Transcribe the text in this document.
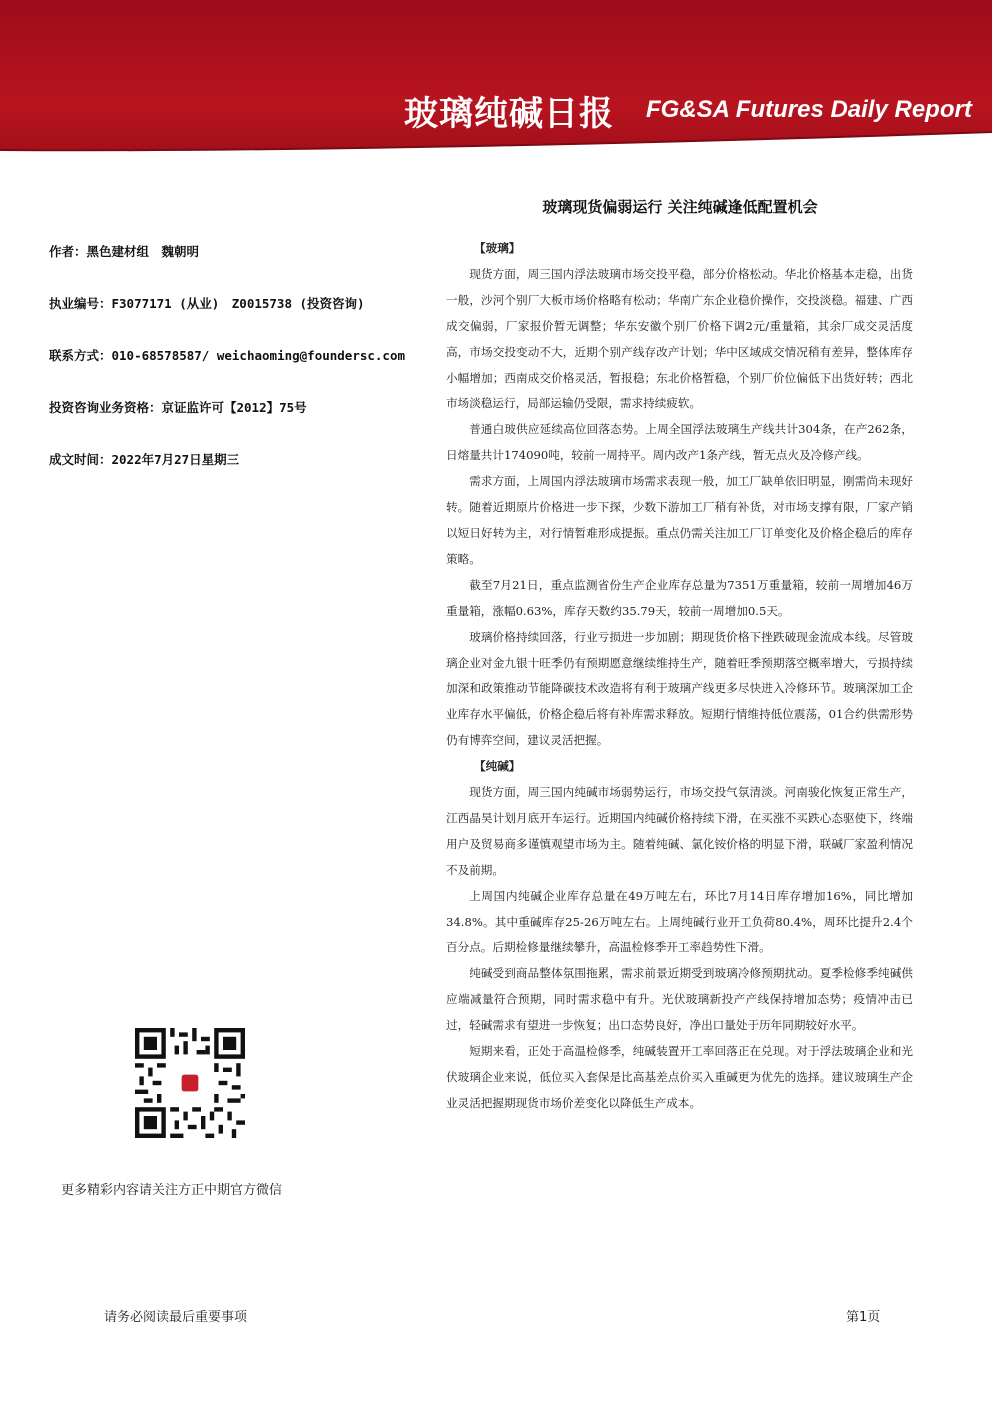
玻璃纯碱日报 FG&SA Futures Daily Report
玻璃现货偏弱运行 关注纯碱逢低配置机会
作者：黑色建材组　魏朝明
执业编号：F3077171 (从业)　Z0015738 (投资咨询)
联系方式：010-68578587/ weichaoming@foundersc.com
投资咨询业务资格：京证监许可【2012】75号
成文时间：2022年7月27日星期三
更多精彩内容请关注方正中期官方微信
【玻璃】

现货方面，周三国内浮法玻璃市场交投平稳，部分价格松动。华北价格基本走稳，出货一般，沙河个别厂大板市场价格略有松动；华南广东企业稳价操作，交投淡稳。福建、广西成交偏弱，厂家报价暂无调整；华东安徽个别厂价格下调2元/重量箱，其余厂成交灵活度高，市场交投变动不大，近期个别产线存改产计划；华中区域成交情况稍有差异，整体库存小幅增加；西南成交价格灵活，暂报稳；东北价格暂稳，个别厂价位偏低下出货好转；西北市场淡稳运行，局部运输仍受限，需求持续疲软。

普通白玻供应延续高位回落态势。上周全国浮法玻璃生产线共计304条，在产262条，日熔量共计174090吨，较前一周持平。周内改产1条产线，暂无点火及冷修产线。

需求方面，上周国内浮法玻璃市场需求表现一般，加工厂缺单依旧明显，刚需尚未现好转。随着近期原片价格进一步下探，少数下游加工厂稍有补货，对市场支撑有限，厂家产销以短日好转为主，对行情暂难形成提振。重点仍需关注加工厂订单变化及价格企稳后的库存策略。

截至7月21日，重点监测省份生产企业库存总量为7351万重量箱，较前一周增加46万重量箱，涨幅0.63%，库存天数约35.79天，较前一周增加0.5天。

玻璃价格持续回落，行业亏损进一步加剧；期现货价格下挫跌破现金流成本线。尽管玻璃企业对金九银十旺季仍有预期愿意继续维持生产，随着旺季预期落空概率增大，亏损持续加深和政策推动节能降碳技术改造将有利于玻璃产线更多尽快进入冷修环节。玻璃深加工企业库存水平偏低，价格企稳后将有补库需求释放。短期行情维持低位震荡，01合约供需形势仍有博弈空间，建议灵活把握。

【纯碱】

现货方面，周三国内纯碱市场弱势运行，市场交投气氛清淡。河南骏化恢复正常生产，江西晶昊计划月底开车运行。近期国内纯碱价格持续下滑，在买涨不买跌心态驱使下，终端用户及贸易商多谨慎观望市场为主。随着纯碱、氯化铵价格的明显下滑，联碱厂家盈利情况不及前期。

上周国内纯碱企业库存总量在49万吨左右，环比7月14日库存增加16%，同比增加34.8%。其中重碱库存25-26万吨左右。上周纯碱行业开工负荷80.4%，周环比提升2.4个百分点。后期检修量继续攀升，高温检修季开工率趋势性下滑。

纯碱受到商品整体氛围拖累，需求前景近期受到玻璃冷修预期扰动。夏季检修季纯碱供应端减量符合预期，同时需求稳中有升。光伏玻璃新投产产线保持增加态势；疫情冲击已过，轻碱需求有望进一步恢复；出口态势良好，净出口量处于历年同期较好水平。

短期来看，正处于高温检修季，纯碱装置开工率回落正在兑现。对于浮法玻璃企业和光伏玻璃企业来说，低位买入套保是比高基差点价买入重碱更为优先的选择。建议玻璃生产企业灵活把握期现货市场价差变化以降低生产成本。

请务必阅读最后重要事项	第1页
